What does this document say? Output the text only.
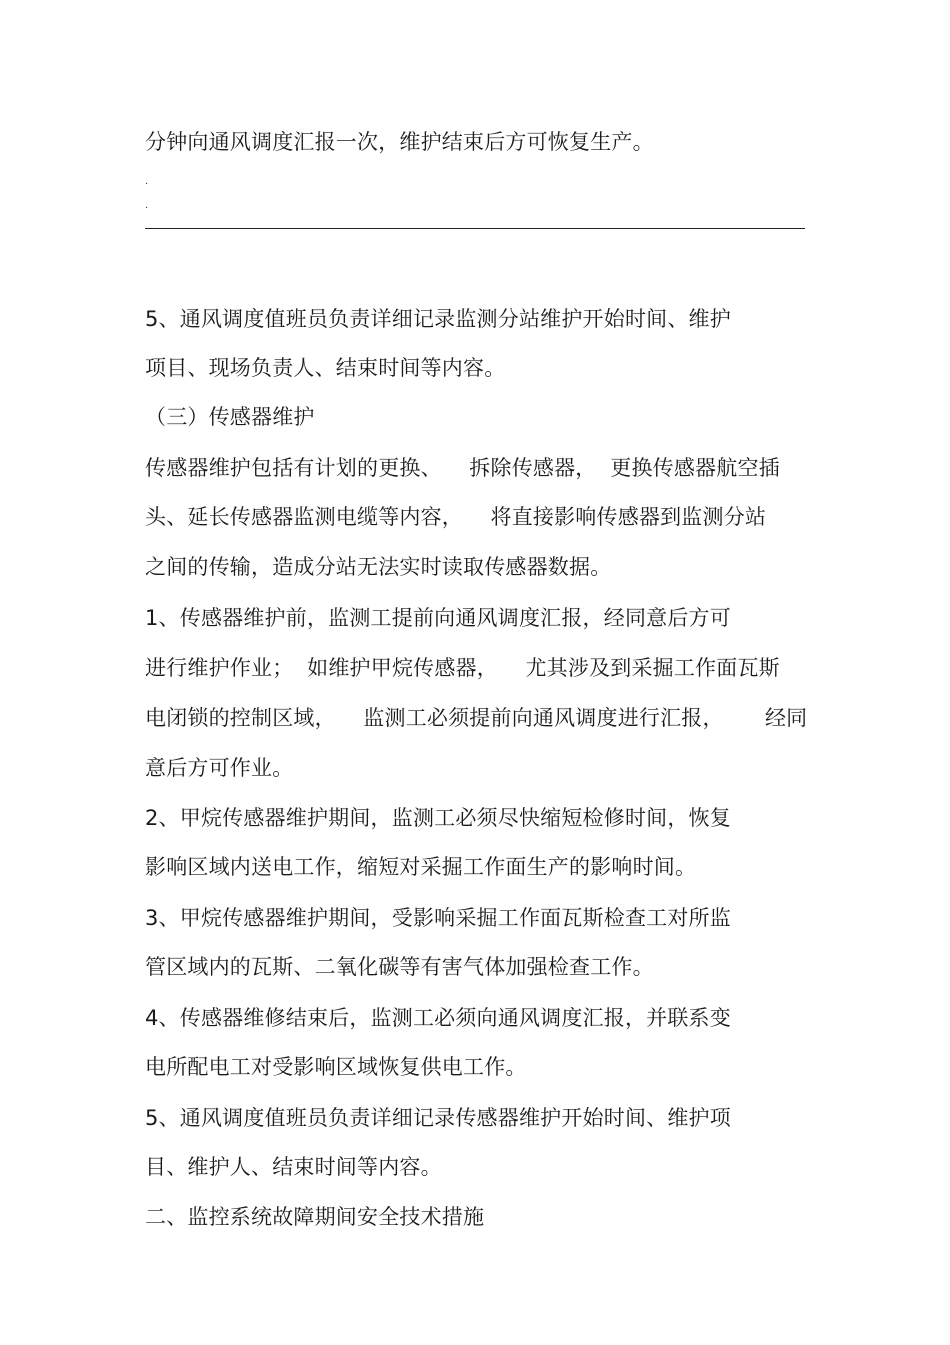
分钟向通风调度汇报一次，维护结束后方可恢复生产。
.
.
5、通风调度值班员负责详细记录监测分站维护开始时间、维护
项目、现场负责人、结束时间等内容。
（三）传感器维护
传感器维护包括有计划的更换、    拆除传感器，  更换传感器航空插
头、延长传感器监测电缆等内容，    将直接影响传感器到监测分站
之间的传输，造成分站无法实时读取传感器数据。
1、传感器维护前，监测工提前向通风调度汇报，经同意后方可
进行维护作业；  如维护甲烷传感器，    尤其涉及到采掘工作面瓦斯
电闭锁的控制区域，    监测工必须提前向通风调度进行汇报，      经同
意后方可作业。
2、甲烷传感器维护期间，监测工必须尽快缩短检修时间，恢复
影响区域内送电工作，缩短对采掘工作面生产的影响时间。
3、甲烷传感器维护期间，受影响采掘工作面瓦斯检查工对所监
管区域内的瓦斯、二氧化碳等有害气体加强检查工作。
4、传感器维修结束后，监测工必须向通风调度汇报，并联系变
电所配电工对受影响区域恢复供电工作。
5、通风调度值班员负责详细记录传感器维护开始时间、维护项
目、维护人、结束时间等内容。
二、监控系统故障期间安全技术措施
